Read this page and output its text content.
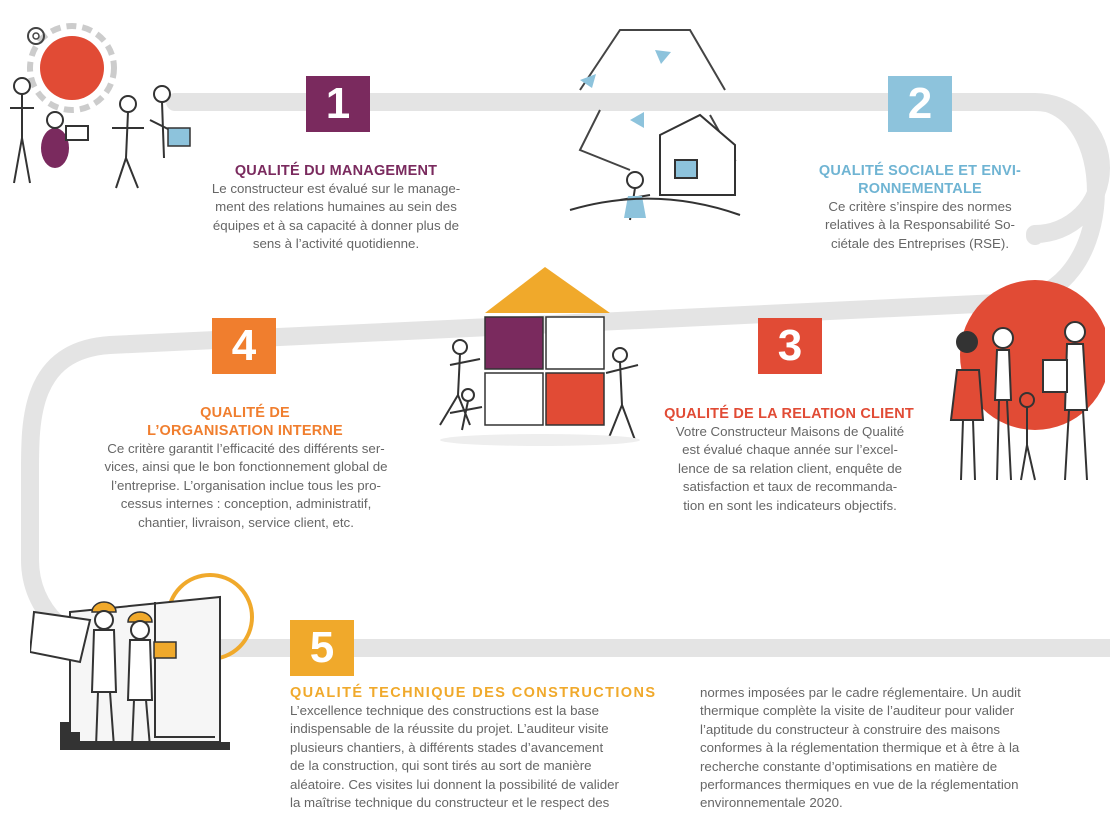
1
QUALITÉ DU MANAGEMENT
Le constructeur est évalué sur le manage-
ment des relations humaines au sein des
équipes et à sa capacité à donner plus de
sens à l’activité quotidienne.
2
QUALITÉ SOCIALE ET ENVI-
RONNEMENTALE
Ce critère s’inspire des normes
relatives à la Responsabilité So-
ciétale des Entreprises (RSE).
3
QUALITÉ DE LA RELATION CLIENT
Votre Constructeur Maisons de Qualité
est évalué chaque année sur l’excel-
lence de sa relation client, enquête de
satisfaction et taux de recommanda-
tion en sont les indicateurs objectifs.
4
QUALITÉ DE
L’ORGANISATION INTERNE
Ce critère garantit l’efficacité des différents ser-
vices, ainsi que le bon fonctionnement global de
l’entreprise. L’organisation inclue tous les pro-
cessus internes : conception, administratif,
chantier, livraison, service client, etc.
5
QUALITÉ TECHNIQUE DES CONSTRUCTIONS
L’excellence technique des constructions est la base
indispensable de la réussite du projet. L’auditeur visite
plusieurs chantiers, à différents stades d’avancement
de la construction, qui sont tirés au sort de manière
aléatoire. Ces visites lui donnent la possibilité de valider
la maîtrise technique du constructeur et le respect des
normes imposées par le cadre réglementaire. Un audit
thermique complète la visite de l’auditeur pour valider
l’aptitude du constructeur à construire des maisons
conformes à la réglementation thermique et à être à la
recherche constante d’optimisations en matière de
performances thermiques en vue de la réglementation
environnementale 2020.
